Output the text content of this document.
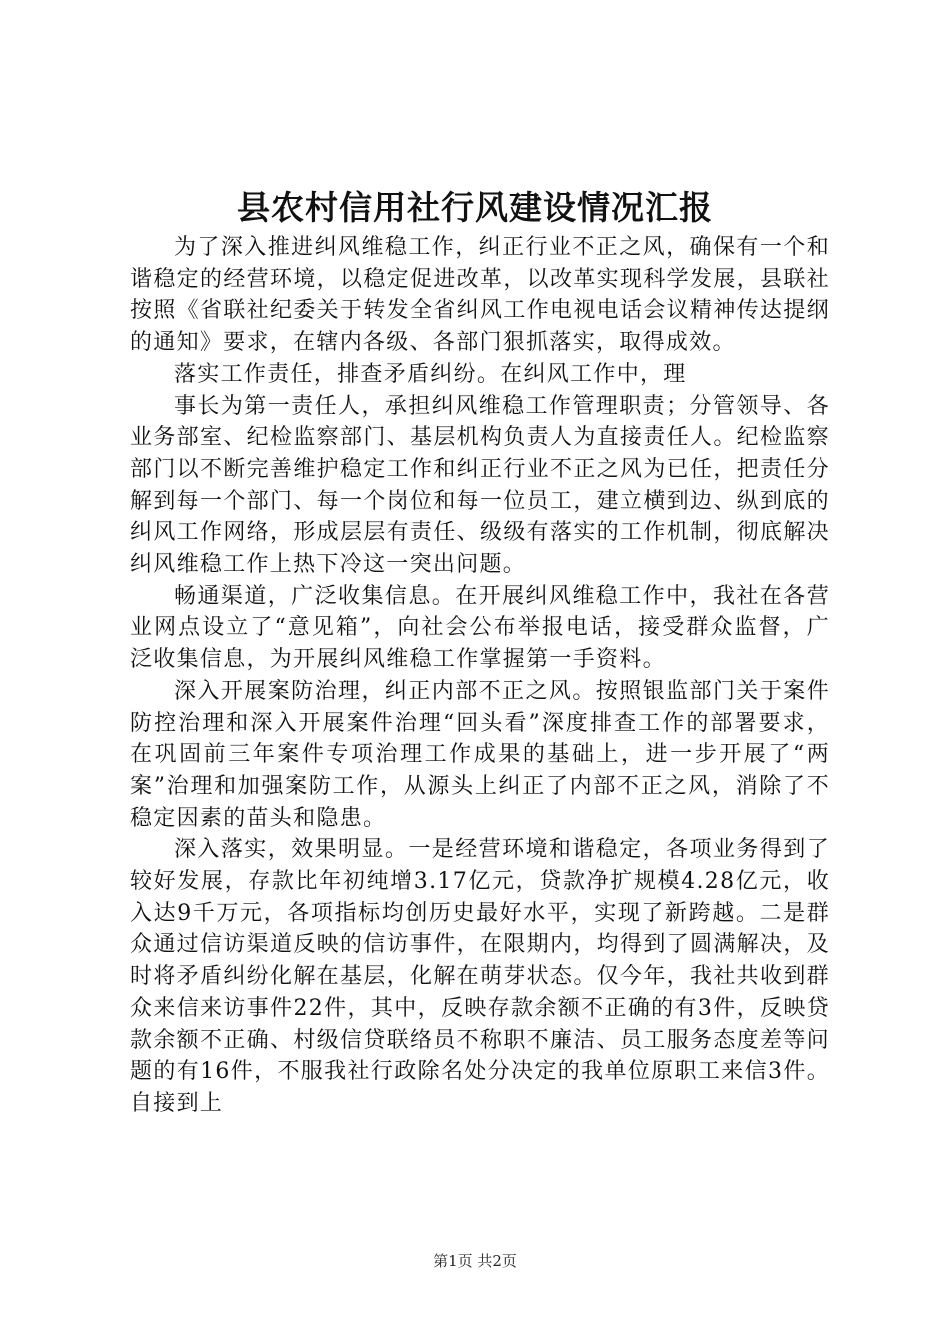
县农村信用社行风建设情况汇报

为了深入推进纠风维稳工作，纠正行业不正之风，确保有一个和谐稳定的经营环境，以稳定促进改革，以改革实现科学发展，县联社按照《省联社纪委关于转发全省纠风工作电视电话会议精神传达提纲的通知》要求，在辖内各级、各部门狠抓落实，取得成效。

落实工作责任，排查矛盾纠纷。在纠风工作中，理

事长为第一责任人，承担纠风维稳工作管理职责；分管领导、各业务部室、纪检监察部门、基层机构负责人为直接责任人。纪检监察部门以不断完善维护稳定工作和纠正行业不正之风为已任，把责任分解到每一个部门、每一个岗位和每一位员工，建立横到边、纵到底的纠风工作网络，形成层层有责任、级级有落实的工作机制，彻底解决纠风维稳工作上热下冷这一突出问题。

畅通渠道，广泛收集信息。在开展纠风维稳工作中，我社在各营业网点设立了“意见箱”，向社会公布举报电话，接受群众监督，广泛收集信息，为开展纠风维稳工作掌握第一手资料。

深入开展案防治理，纠正内部不正之风。按照银监部门关于案件防控治理和深入开展案件治理“回头看”深度排查工作的部署要求，在巩固前三年案件专项治理工作成果的基础上，进一步开展了“两案”治理和加强案防工作，从源头上纠正了内部不正之风，消除了不稳定因素的苗头和隐患。

深入落实，效果明显。一是经营环境和谐稳定，各项业务得到了较好发展，存款比年初纯增3.17亿元，贷款净扩规模4.28亿元，收入达9千万元，各项指标均创历史最好水平，实现了新跨越。二是群众通过信访渠道反映的信访事件，在限期内，均得到了圆满解决，及时将矛盾纠纷化解在基层，化解在萌芽状态。仅今年，我社共收到群众来信来访事件22件，其中，反映存款余额不正确的有3件，反映贷款余额不正确、村级信贷联络员不称职不廉洁、员工服务态度差等问题的有16件，不服我社行政除名处分决定的我单位原职工来信3件。自接到上

第1页 共2页
